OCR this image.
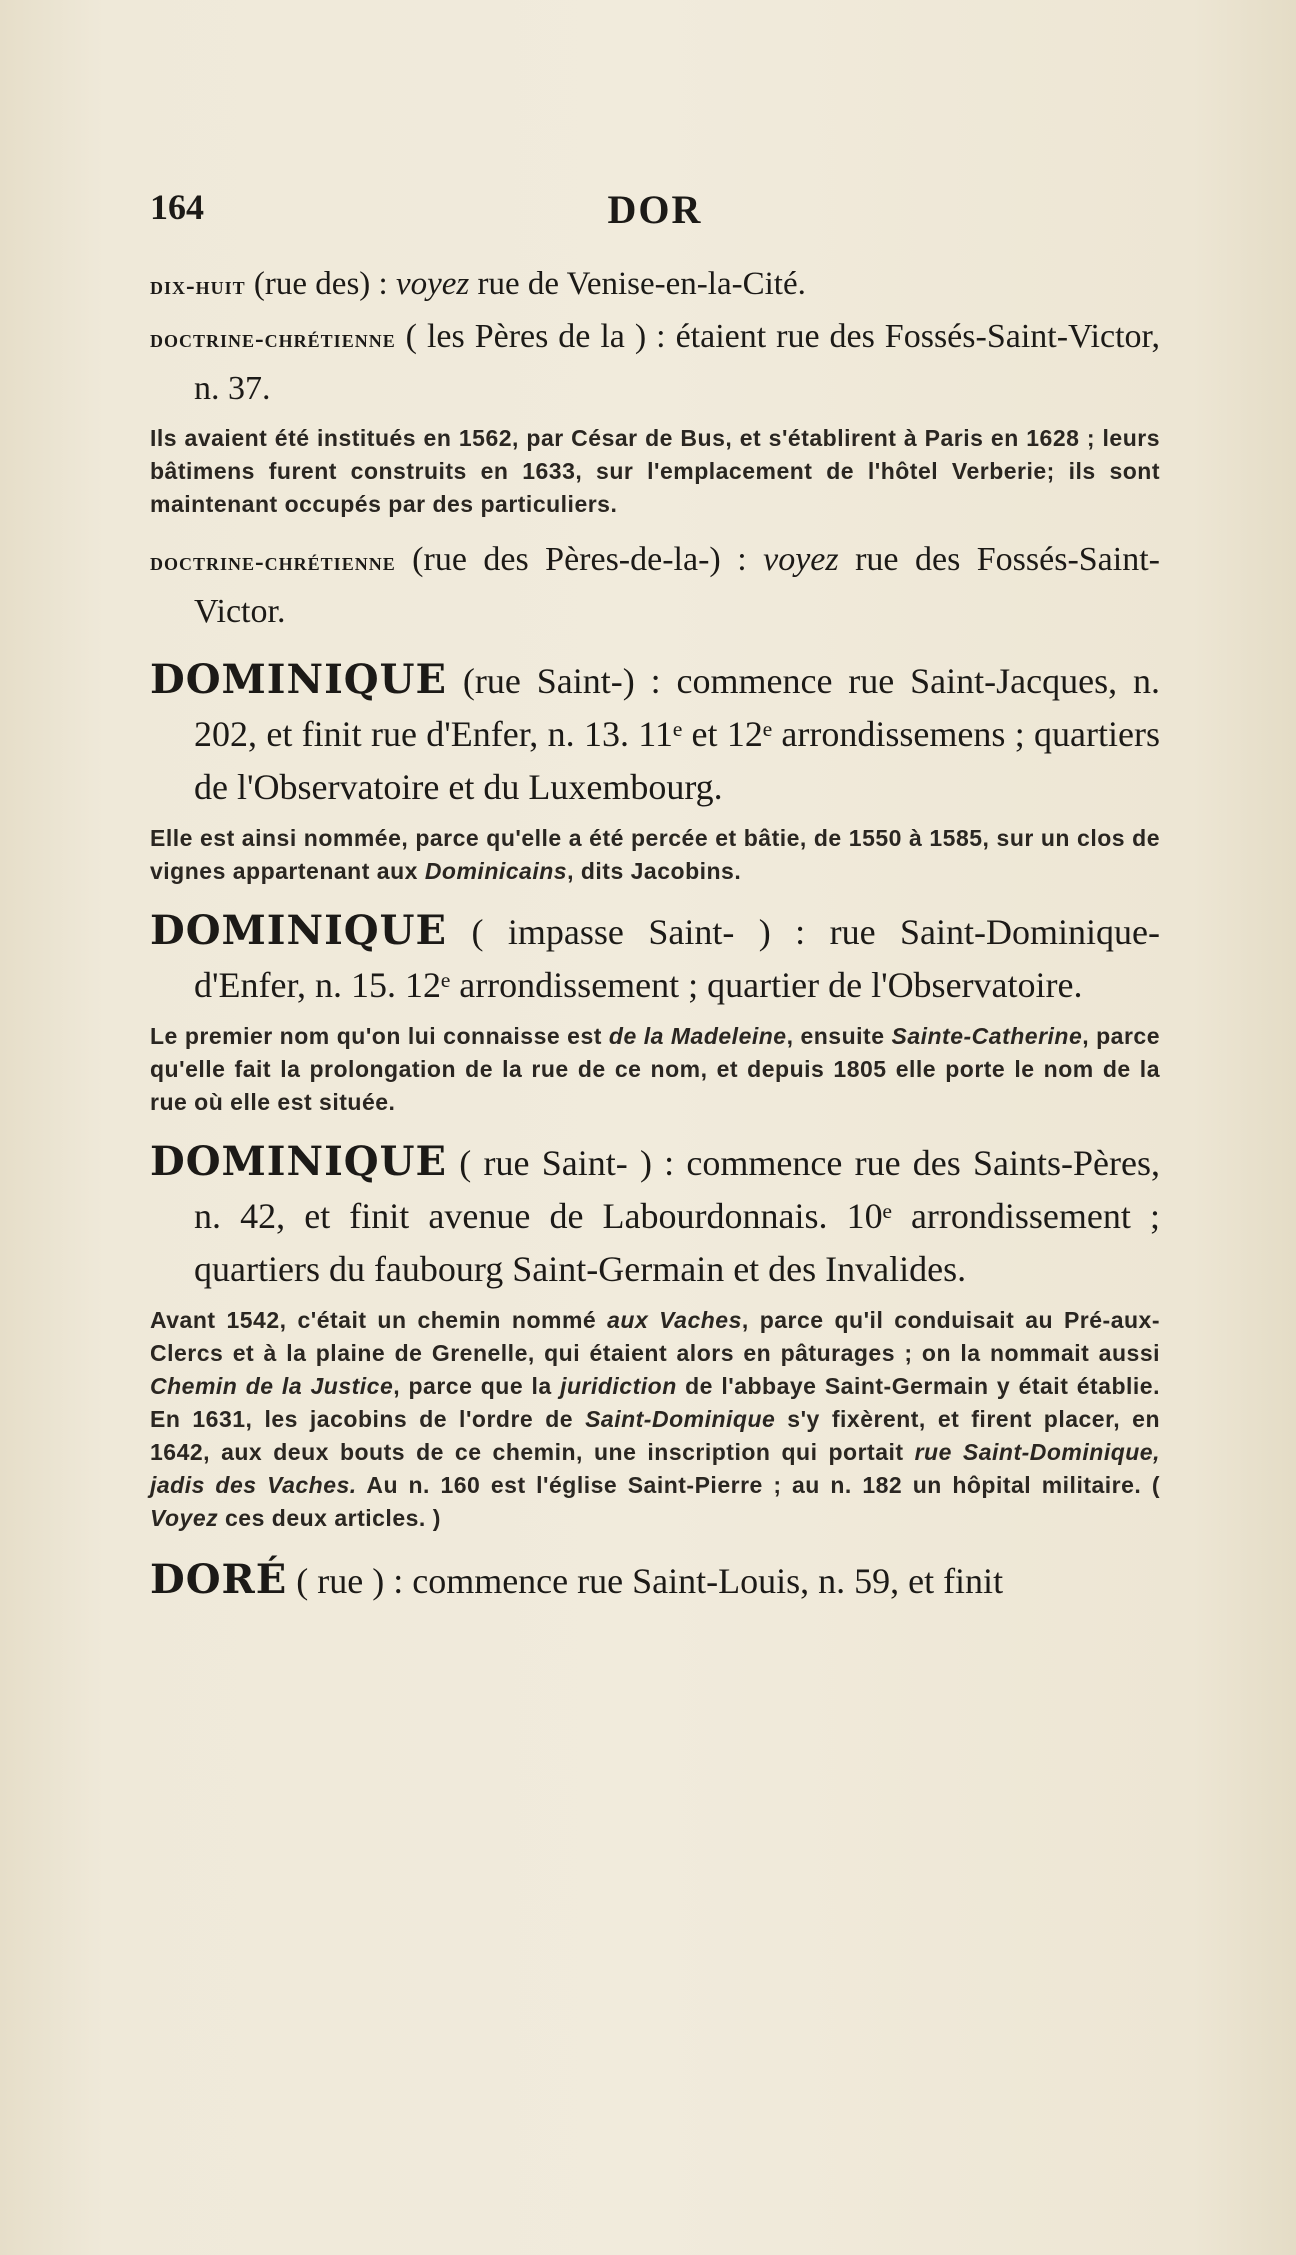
164	DOR

dix-huit (rue des) : voyez rue de Venise-en-la-Cité.

doctrine-chrétienne ( les Pères de la ) : étaient rue des Fossés-Saint-Victor, n. 37.

Ils avaient été institués en 1562, par César de Bus, et s'établirent à Paris en 1628 ; leurs bâtimens furent construits en 1633, sur l'emplacement de l'hôtel Verberie; ils sont maintenant occupés par des particuliers.

doctrine-chrétienne (rue des Pères-de-la-) : voyez rue des Fossés-Saint-Victor.

DOMINIQUE (rue Saint-) : commence rue Saint-Jacques, n. 202, et finit rue d'Enfer, n. 13. 11ᵉ et 12ᵉ arrondissemens ; quartiers de l'Observatoire et du Luxembourg.

Elle est ainsi nommée, parce qu'elle a été percée et bâtie, de 1550 à 1585, sur un clos de vignes appartenant aux Dominicains, dits Jacobins.

DOMINIQUE ( impasse Saint- ) : rue Saint-Dominique-d'Enfer, n. 15. 12ᵉ arrondissement ; quartier de l'Observatoire.

Le premier nom qu'on lui connaisse est de la Madeleine, ensuite Sainte-Catherine, parce qu'elle fait la prolongation de la rue de ce nom, et depuis 1805 elle porte le nom de la rue où elle est située.

DOMINIQUE ( rue Saint- ) : commence rue des Saints-Pères, n. 42, et finit avenue de Labourdonnais. 10ᵉ arrondissement ; quartiers du faubourg Saint-Germain et des Invalides.

Avant 1542, c'était un chemin nommé aux Vaches, parce qu'il conduisait au Pré-aux-Clercs et à la plaine de Grenelle, qui étaient alors en pâturages ; on la nommait aussi Chemin de la Justice, parce que la juridiction de l'abbaye Saint-Germain y était établie. En 1631, les jacobins de l'ordre de Saint-Dominique s'y fixèrent, et firent placer, en 1642, aux deux bouts de ce chemin, une inscription qui portait rue Saint-Dominique, jadis des Vaches. Au n. 160 est l'église Saint-Pierre ; au n. 182 un hôpital militaire. ( Voyez ces deux articles. )

DORÉ ( rue ) : commence rue Saint-Louis, n. 59, et finit
